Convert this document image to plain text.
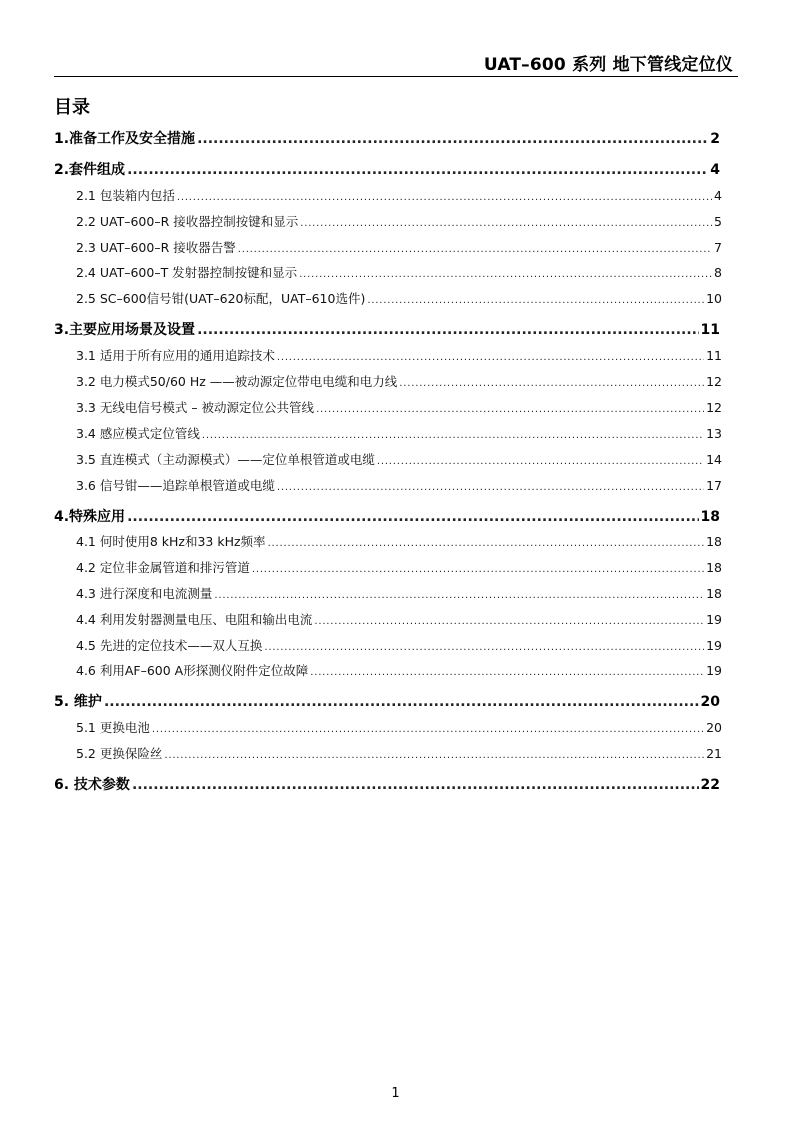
UAT–600 系列 地下管线定位仪
目录
1.准备工作及安全措施 .....	2
2.套件组成 .....	4
2.1 包装箱内包括 .....	4
2.2 UAT–600–R 接收器控制按键和显示 .....	5
2.3 UAT–600–R 接收器告警 .....	7
2.4 UAT–600–T 发射器控制按键和显示 .....	8
2.5 SC–600信号钳(UAT–620标配，UAT–610选件) .....	10
3.主要应用场景及设置 .....	11
3.1 适用于所有应用的通用追踪技术 .....	11
3.2 电力模式50/60 Hz ——被动源定位带电电缆和电力线 .....	12
3.3 无线电信号模式 – 被动源定位公共管线 .....	12
3.4 感应模式定位管线 .....	13
3.5 直连模式（主动源模式）——定位单根管道或电缆 .....	14
3.6 信号钳——追踪单根管道或电缆 .....	17
4.特殊应用 .....	18
4.1 何时使用8 kHz和33 kHz频率 .....	18
4.2 定位非金属管道和排污管道 .....	18
4.3 进行深度和电流测量 .....	18
4.4 利用发射器测量电压、电阻和输出电流 .....	19
4.5 先进的定位技术——双人互换 .....	19
4.6 利用AF–600 A形探测仪附件定位故障 .....	19
5. 维护 .....	20
5.1 更换电池 .....	20
5.2 更换保险丝 .....	21
6. 技术参数 .....	22
1
